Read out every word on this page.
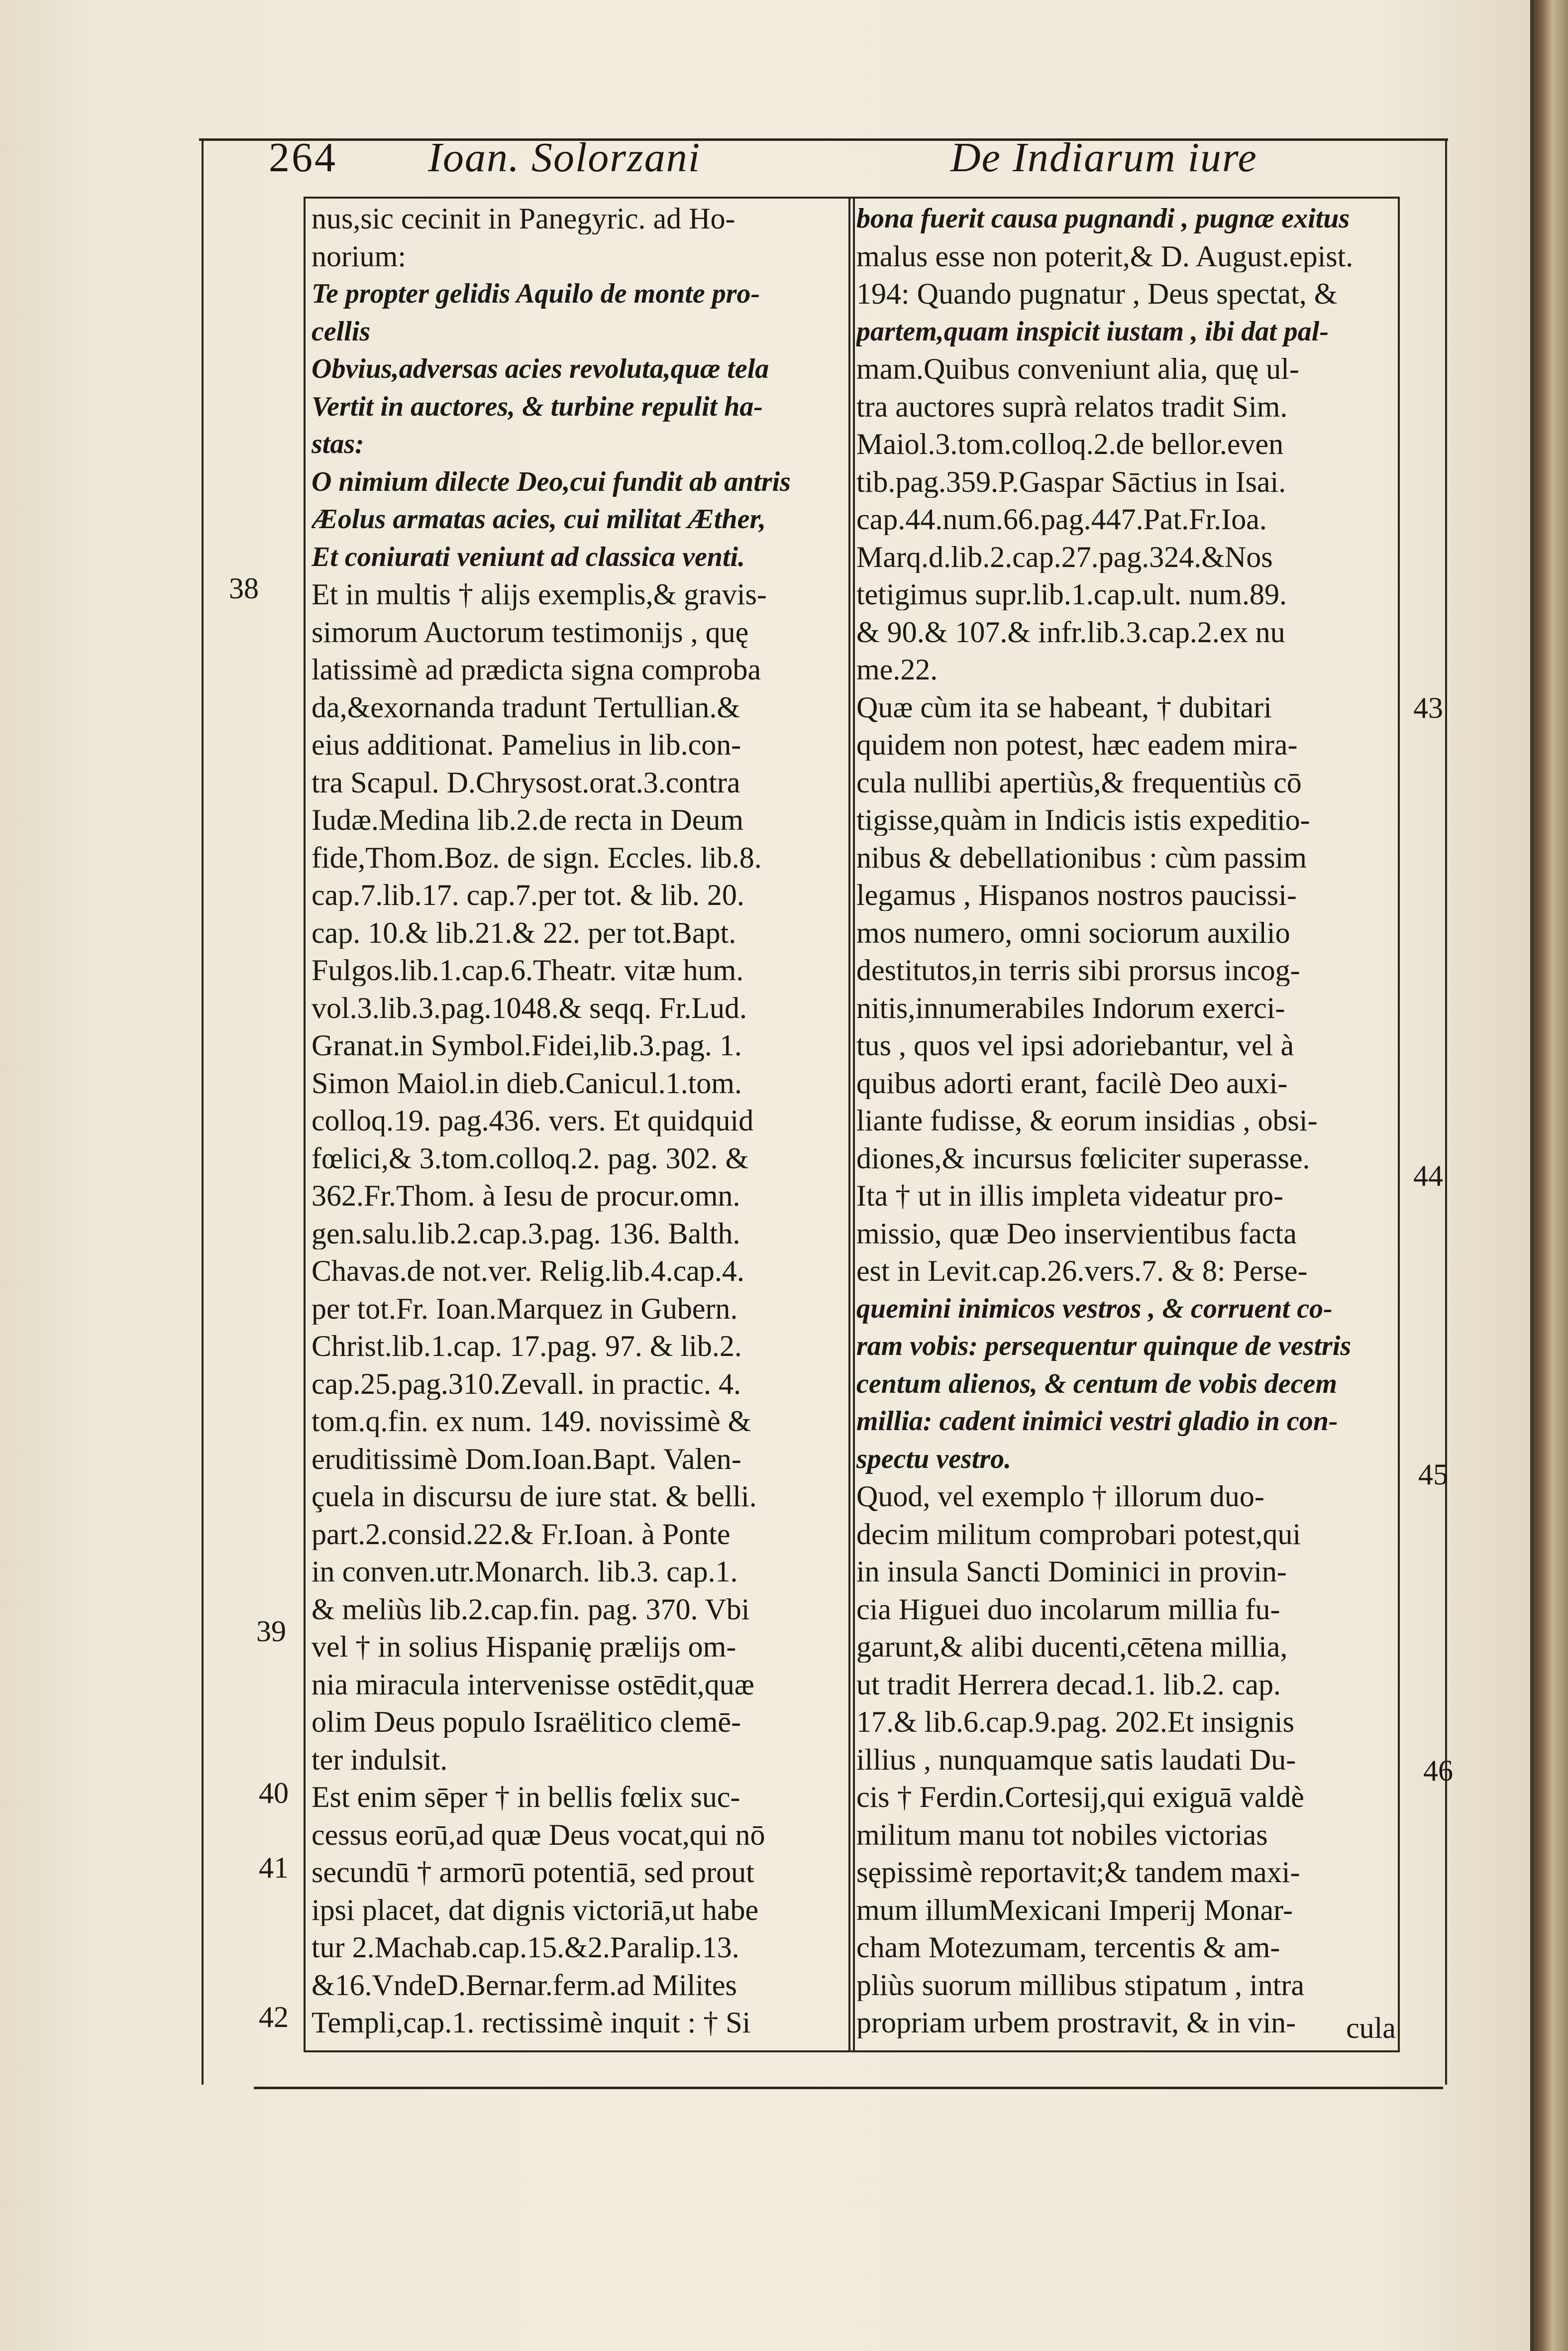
264 Ioan. Solorzani	De Indiarum iure
nus,sic cecinit in Panegyric. ad Ho-
norium:
Te propter gelidis Aquilo de monte pro-
cellis
Obvius,adversas acies revoluta,quæ tela
Vertit in auctores, & turbine repulit ha-
stas:
O nimium dilecte Deo,cui fundit ab antris
Æolus armatas acies, cui militat Æther,
Et coniurati veniunt ad classica venti.
Et in multis † alijs exemplis,& gravis-
simorum Auctorum testimonijs , quę
latissimè ad prædicta signa comproba
da,&exornanda tradunt Tertullian.&
eius additionat. Pamelius in lib.con-
tra Scapul. D.Chrysost.orat.3.contra
Iudæ.Medina lib.2.de recta in Deum
fide,Thom.Boz. de sign. Eccles. lib.8.
cap.7.lib.17. cap.7.per tot. & lib. 20.
cap. 10.& lib.21.& 22. per tot.Bapt.
Fulgos.lib.1.cap.6.Theatr. vitæ hum.
vol.3.lib.3.pag.1048.& seqq. Fr.Lud.
Granat.in Symbol.Fidei,lib.3.pag. 1.
Simon Maiol.in dieb.Canicul.1.tom.
colloq.19. pag.436. vers. Et quidquid
fœlici,& 3.tom.colloq.2. pag. 302. &
362.Fr.Thom. à Iesu de procur.omn.
gen.salu.lib.2.cap.3.pag. 136. Balth.
Chavas.de not.ver. Relig.lib.4.cap.4.
per tot.Fr. Ioan.Marquez in Gubern.
Christ.lib.1.cap. 17.pag. 97. & lib.2.
cap.25.pag.310.Zevall. in practic. 4.
tom.q.fin. ex num. 149. novissimè &
eruditissimè Dom.Ioan.Bapt. Valen-
çuela in discursu de iure stat. & belli.
part.2.consid.22.& Fr.Ioan. à Ponte
in conven.utr.Monarch. lib.3. cap.1.
& meliùs lib.2.cap.fin. pag. 370. Vbi
vel † in solius Hispanię prælijs om-
nia miracula intervenisse ostēdit,quæ
olim Deus populo Israëlitico clemē-
ter indulsit.
Est enim sēper † in bellis fœlix suc-
cessus eorū,ad quæ Deus vocat,qui nō
secundū † armorū potentiā, sed prout
ipsi placet, dat dignis victoriā,ut habe
tur 2.Machab.cap.15.&2.Paralip.13.
&16.VndeD.Bernar.ferm.ad Milites
Templi,cap.1. rectissimè inquit : † Si
bona fuerit causa pugnandi , pugnæ exitus
malus esse non poterit,& D. August.epist.
194: Quando pugnatur , Deus spectat, &
partem,quam inspicit iustam , ibi dat pal-
mam.Quibus conveniunt alia, quę ul-
tra auctores suprà relatos tradit Sim.
Maiol.3.tom.colloq.2.de bellor.even
tib.pag.359.P.Gaspar Sāctius in Isai.
cap.44.num.66.pag.447.Pat.Fr.Ioa.
Marq.d.lib.2.cap.27.pag.324.&Nos
tetigimus supr.lib.1.cap.ult. num.89.
& 90.& 107.& infr.lib.3.cap.2.ex nu
me.22.
Quæ cùm ita se habeant, † dubitari
quidem non potest, hæc eadem mira-
cula nullibi apertiùs,& frequentiùs cō
tigisse,quàm in Indicis istis expeditio-
nibus & debellationibus : cùm passim
legamus , Hispanos nostros paucissi-
mos numero, omni sociorum auxilio
destitutos,in terris sibi prorsus incog-
nitis,innumerabiles Indorum exerci-
tus , quos vel ipsi adoriebantur, vel à
quibus adorti erant, facilè Deo auxi-
liante fudisse, & eorum insidias , obsi-
diones,& incursus fœliciter superasse.
Ita † ut in illis impleta videatur pro-
missio, quæ Deo inservientibus facta
est in Levit.cap.26.vers.7. & 8: Perse-
quemini inimicos vestros , & corruent co-
ram vobis: persequentur quinque de vestris
centum alienos, & centum de vobis decem
millia: cadent inimici vestri gladio in con-
spectu vestro.
Quod, vel exemplo † illorum duo-
decim militum comprobari potest,qui
in insula Sancti Dominici in provin-
cia Higuei duo incolarum millia fu-
garunt,& alibi ducenti,cētena millia,
ut tradit Herrera decad.1. lib.2. cap.
17.& lib.6.cap.9.pag. 202.Et insignis
illius , nunquamque satis laudati Du-
cis † Ferdin.Cortesij,qui exiguā valdè
militum manu tot nobiles victorias
sępissimè reportavit;& tandem maxi-
mum illumMexicani Imperij Monar-
cham Motezumam, tercentis & am-
pliùs suorum millibus stipatum , intra
propriam urbem prostravit, & in vin-
38
39
40
41
42
43
44
45
46
cula
